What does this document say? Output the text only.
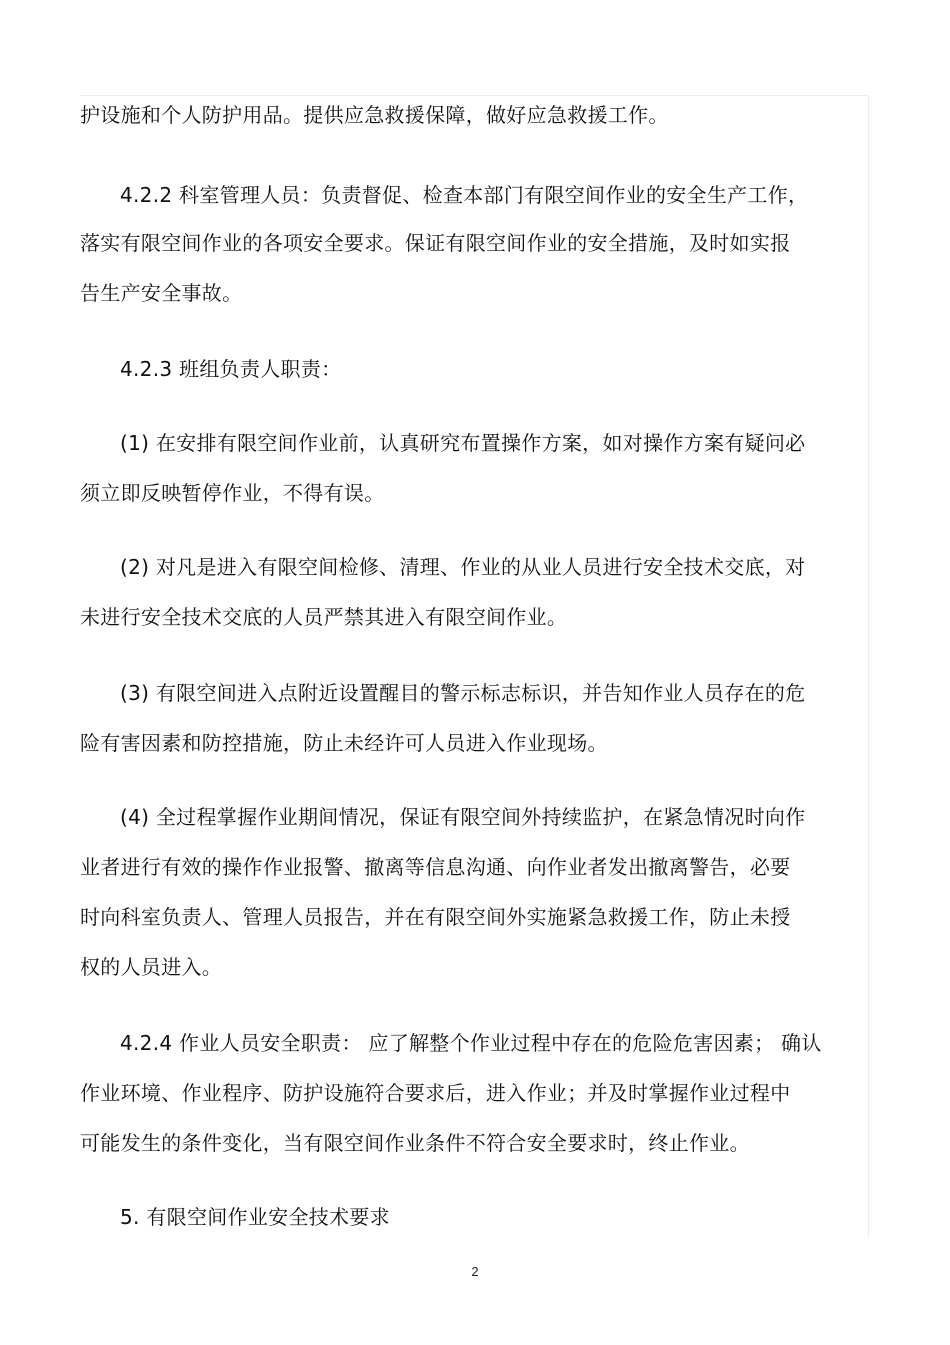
护设施和个人防护用品。提供应急救援保障，做好应急救援工作。
4.2.2 科室管理人员：负责督促、检查本部门有限空间作业的安全生产工作，
落实有限空间作业的各项安全要求。保证有限空间作业的安全措施，及时如实报
告生产安全事故。
4.2.3 班组负责人职责：
(1) 在安排有限空间作业前，认真研究布置操作方案，如对操作方案有疑问必
须立即反映暂停作业，不得有误。
(2) 对凡是进入有限空间检修、清理、作业的从业人员进行安全技术交底，对
未进行安全技术交底的人员严禁其进入有限空间作业。
(3) 有限空间进入点附近设置醒目的警示标志标识，并告知作业人员存在的危
险有害因素和防控措施，防止未经许可人员进入作业现场。
(4) 全过程掌握作业期间情况，保证有限空间外持续监护，在紧急情况时向作
业者进行有效的操作作业报警、撤离等信息沟通、向作业者发出撤离警告，必要
时向科室负责人、管理人员报告，并在有限空间外实施紧急救援工作，防止未授
权的人员进入。
4.2.4 作业人员安全职责： 应了解整个作业过程中存在的危险危害因素； 确认
作业环境、作业程序、防护设施符合要求后，进入作业；并及时掌握作业过程中
可能发生的条件变化，当有限空间作业条件不符合安全要求时，终止作业。
5. 有限空间作业安全技术要求
2
